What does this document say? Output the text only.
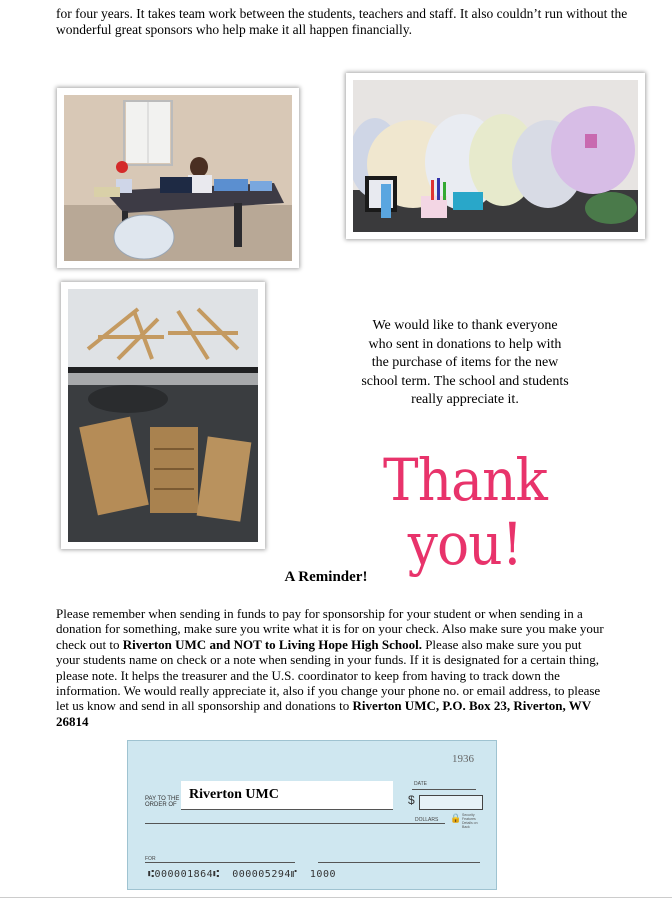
for four years. It takes team work between the students, teachers and staff. It also couldn’t run without the wonderful great sponsors who help make it all happen financially.
We would like to thank everyone who sent in donations to help with the purchase of items for the new school term. The school and students really appreciate it.
Thank you!
A Reminder!
Please remember when sending in funds to pay for sponsorship for your student or when sending in a donation for something, make sure you write what it is for on your check. Also make sure you make your check out to Riverton UMC and NOT to Living Hope High School. Please also make sure you put your students name on check or a note when sending in your funds. If it is designated for a certain thing, please note. It helps the treasurer and the U.S. coordinator to keep from having to track down the information. We would really appreciate it, also if you change your phone no. or email address, to please let us know and send in all sponsorship and donations to Riverton UMC, P.O. Box 23, Riverton, WV 26814
1936
DATE
PAY TO THE ORDER OF
Riverton UMC	$
DOLLARS 🔒 Security Features Details on Back
FOR
⑆000001864⑆ 000005294⑈ 1000
